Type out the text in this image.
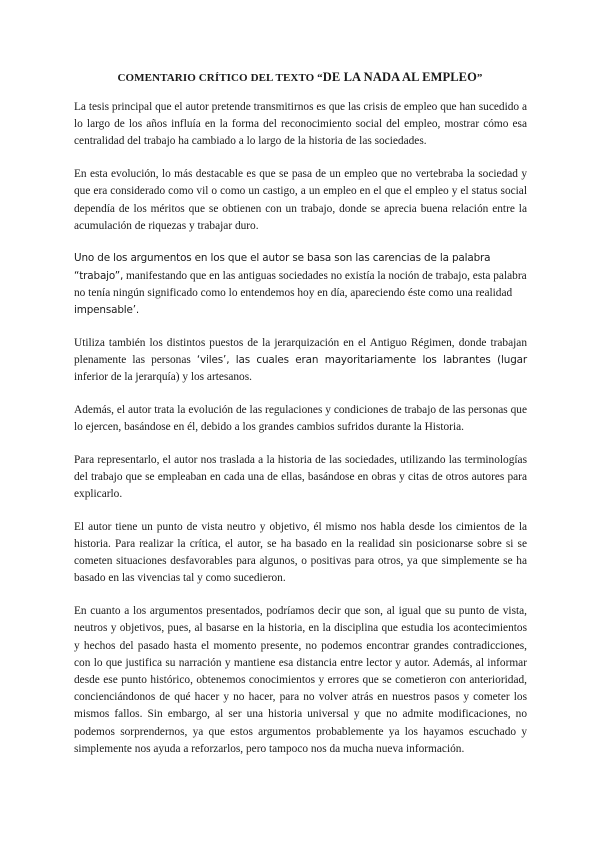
COMENTARIO CRÍTICO DEL TEXTO “DE LA NADA AL EMPLEO”

La tesis principal que el autor pretende transmitirnos es que las crisis de empleo que han sucedido a lo largo de los años influía en la forma del reconocimiento social del empleo, mostrar cómo esa centralidad del trabajo ha cambiado a lo largo de la historia de las sociedades.

En esta evolución, lo más destacable es que se pasa de un empleo que no vertebraba la sociedad y que era considerado como vil o como un castigo, a un empleo en el que el empleo y el status social dependía de los méritos que se obtienen con un trabajo, donde se aprecia buena relación entre la acumulación de riquezas y trabajar duro.

Uno de los argumentos en los que el autor se basa son las carencias de la palabra “trabajo”, manifestando que en las antiguas sociedades no existía la noción de trabajo, esta palabra no tenía ningún significado como lo entendemos hoy en día, apareciendo éste como una realidad impensable’.

Utiliza también los distintos puestos de la jerarquización en el Antiguo Régimen, donde trabajan plenamente las personas ‘viles’, las cuales eran mayoritariamente los labrantes (lugar inferior de la jerarquía) y los artesanos.

Además, el autor trata la evolución de las regulaciones y condiciones de trabajo de las personas que lo ejercen, basándose en él, debido a los grandes cambios sufridos durante la Historia.

Para representarlo, el autor nos traslada a la historia de las sociedades, utilizando las terminologías del trabajo que se empleaban en cada una de ellas, basándose en obras y citas de otros autores para explicarlo.

El autor tiene un punto de vista neutro y objetivo, él mismo nos habla desde los cimientos de la historia. Para realizar la crítica, el autor, se ha basado en la realidad sin posicionarse sobre si se cometen situaciones desfavorables para algunos, o positivas para otros, ya que simplemente se ha basado en las vivencias tal y como sucedieron.

En cuanto a los argumentos presentados, podríamos decir que son, al igual que su punto de vista, neutros y objetivos, pues, al basarse en la historia, en la disciplina que estudia los acontecimientos y hechos del pasado hasta el momento presente, no podemos encontrar grandes contradicciones, con lo que justifica su narración y mantiene esa distancia entre lector y autor. Además, al informar desde ese punto histórico, obtenemos conocimientos y errores que se cometieron con anterioridad, concienciándonos de qué hacer y no hacer, para no volver atrás en nuestros pasos y cometer los mismos fallos. Sin embargo, al ser una historia universal y que no admite modificaciones, no podemos sorprendernos, ya que estos argumentos probablemente ya los hayamos escuchado y simplemente nos ayuda a reforzarlos, pero tampoco nos da mucha nueva información.
